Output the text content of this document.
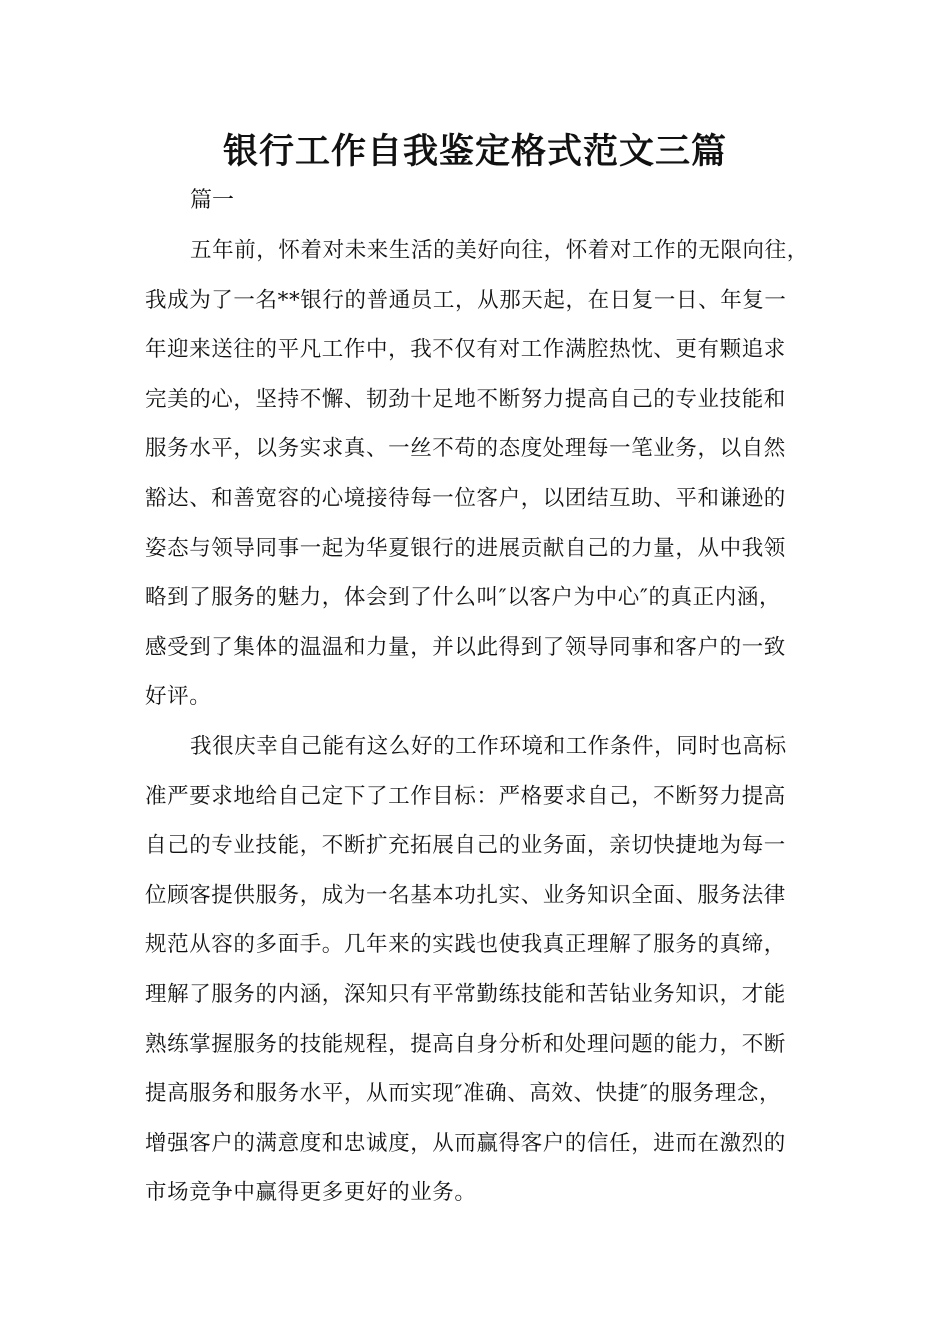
银行工作自我鉴定格式范文三篇

篇一

五年前，怀着对未来生活的美好向往，怀着对工作的无限向往，
我成为了一名**银行的普通员工，从那天起，在日复一日、年复一
年迎来送往的平凡工作中，我不仅有对工作满腔热忱、更有颗追求
完美的心，坚持不懈、韧劲十足地不断努力提高自己的专业技能和
服务水平，以务实求真、一丝不苟的态度处理每一笔业务，以自然
豁达、和善宽容的心境接待每一位客户，以团结互助、平和谦逊的
姿态与领导同事一起为华夏银行的进展贡献自己的力量，从中我领
略到了服务的魅力，体会到了什么叫″以客户为中心″的真正内涵，
感受到了集体的温温和力量，并以此得到了领导同事和客户的一致
好评。
我很庆幸自己能有这么好的工作环境和工作条件，同时也高标
准严要求地给自己定下了工作目标：严格要求自己，不断努力提高
自己的专业技能，不断扩充拓展自己的业务面，亲切快捷地为每一
位顾客提供服务，成为一名基本功扎实、业务知识全面、服务法律
规范从容的多面手。几年来的实践也使我真正理解了服务的真缔，
理解了服务的内涵，深知只有平常勤练技能和苦钻业务知识，才能
熟练掌握服务的技能规程，提高自身分析和处理问题的能力，不断
提高服务和服务水平，从而实现″准确、高效、快捷″的服务理念，
增强客户的满意度和忠诚度，从而赢得客户的信任，进而在激烈的
市场竞争中赢得更多更好的业务。
